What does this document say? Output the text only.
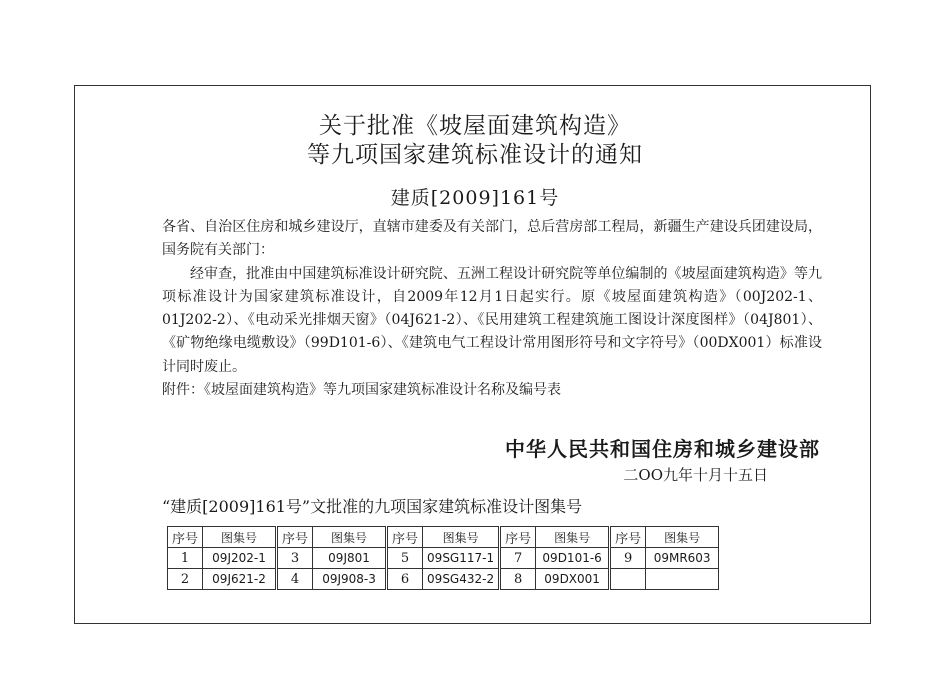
关于批准《坡屋面建筑构造》
等九项国家建筑标准设计的通知
建质[2009]161号

各省、自治区住房和城乡建设厅，直辖市建委及有关部门，总后营房部工程局，新疆生产建设兵团建设局，国务院有关部门：

经审查，批准由中国建筑标准设计研究院、五洲工程设计研究院等单位编制的《坡屋面建筑构造》等九项标准设计为国家建筑标准设计，自2009年12月1日起实行。原《坡屋面建筑构造》（00J202-1、01J202-2）、《电动采光排烟天窗》（04J621-2）、《民用建筑工程建筑施工图设计深度图样》（04J801）、《矿物绝缘电缆敷设》（99D101-6）、《建筑电气工程设计常用图形符号和文字符号》（00DX001）标准设计同时废止。

附件：《坡屋面建筑构造》等九项国家建筑标准设计名称及编号表

中华人民共和国住房和城乡建设部
二OO九年十月十五日
“建质[2009]161号”文批准的九项国家建筑标准设计图集号
序号	图集号	序号	图集号	序号	图集号	序号	图集号	序号	图集号
1	09J202-1	3	09J801	5	09SG117-1	7	09D101-6	9	09MR603
2	09J621-2	4	09J908-3	6	09SG432-2	8	09DX001		
